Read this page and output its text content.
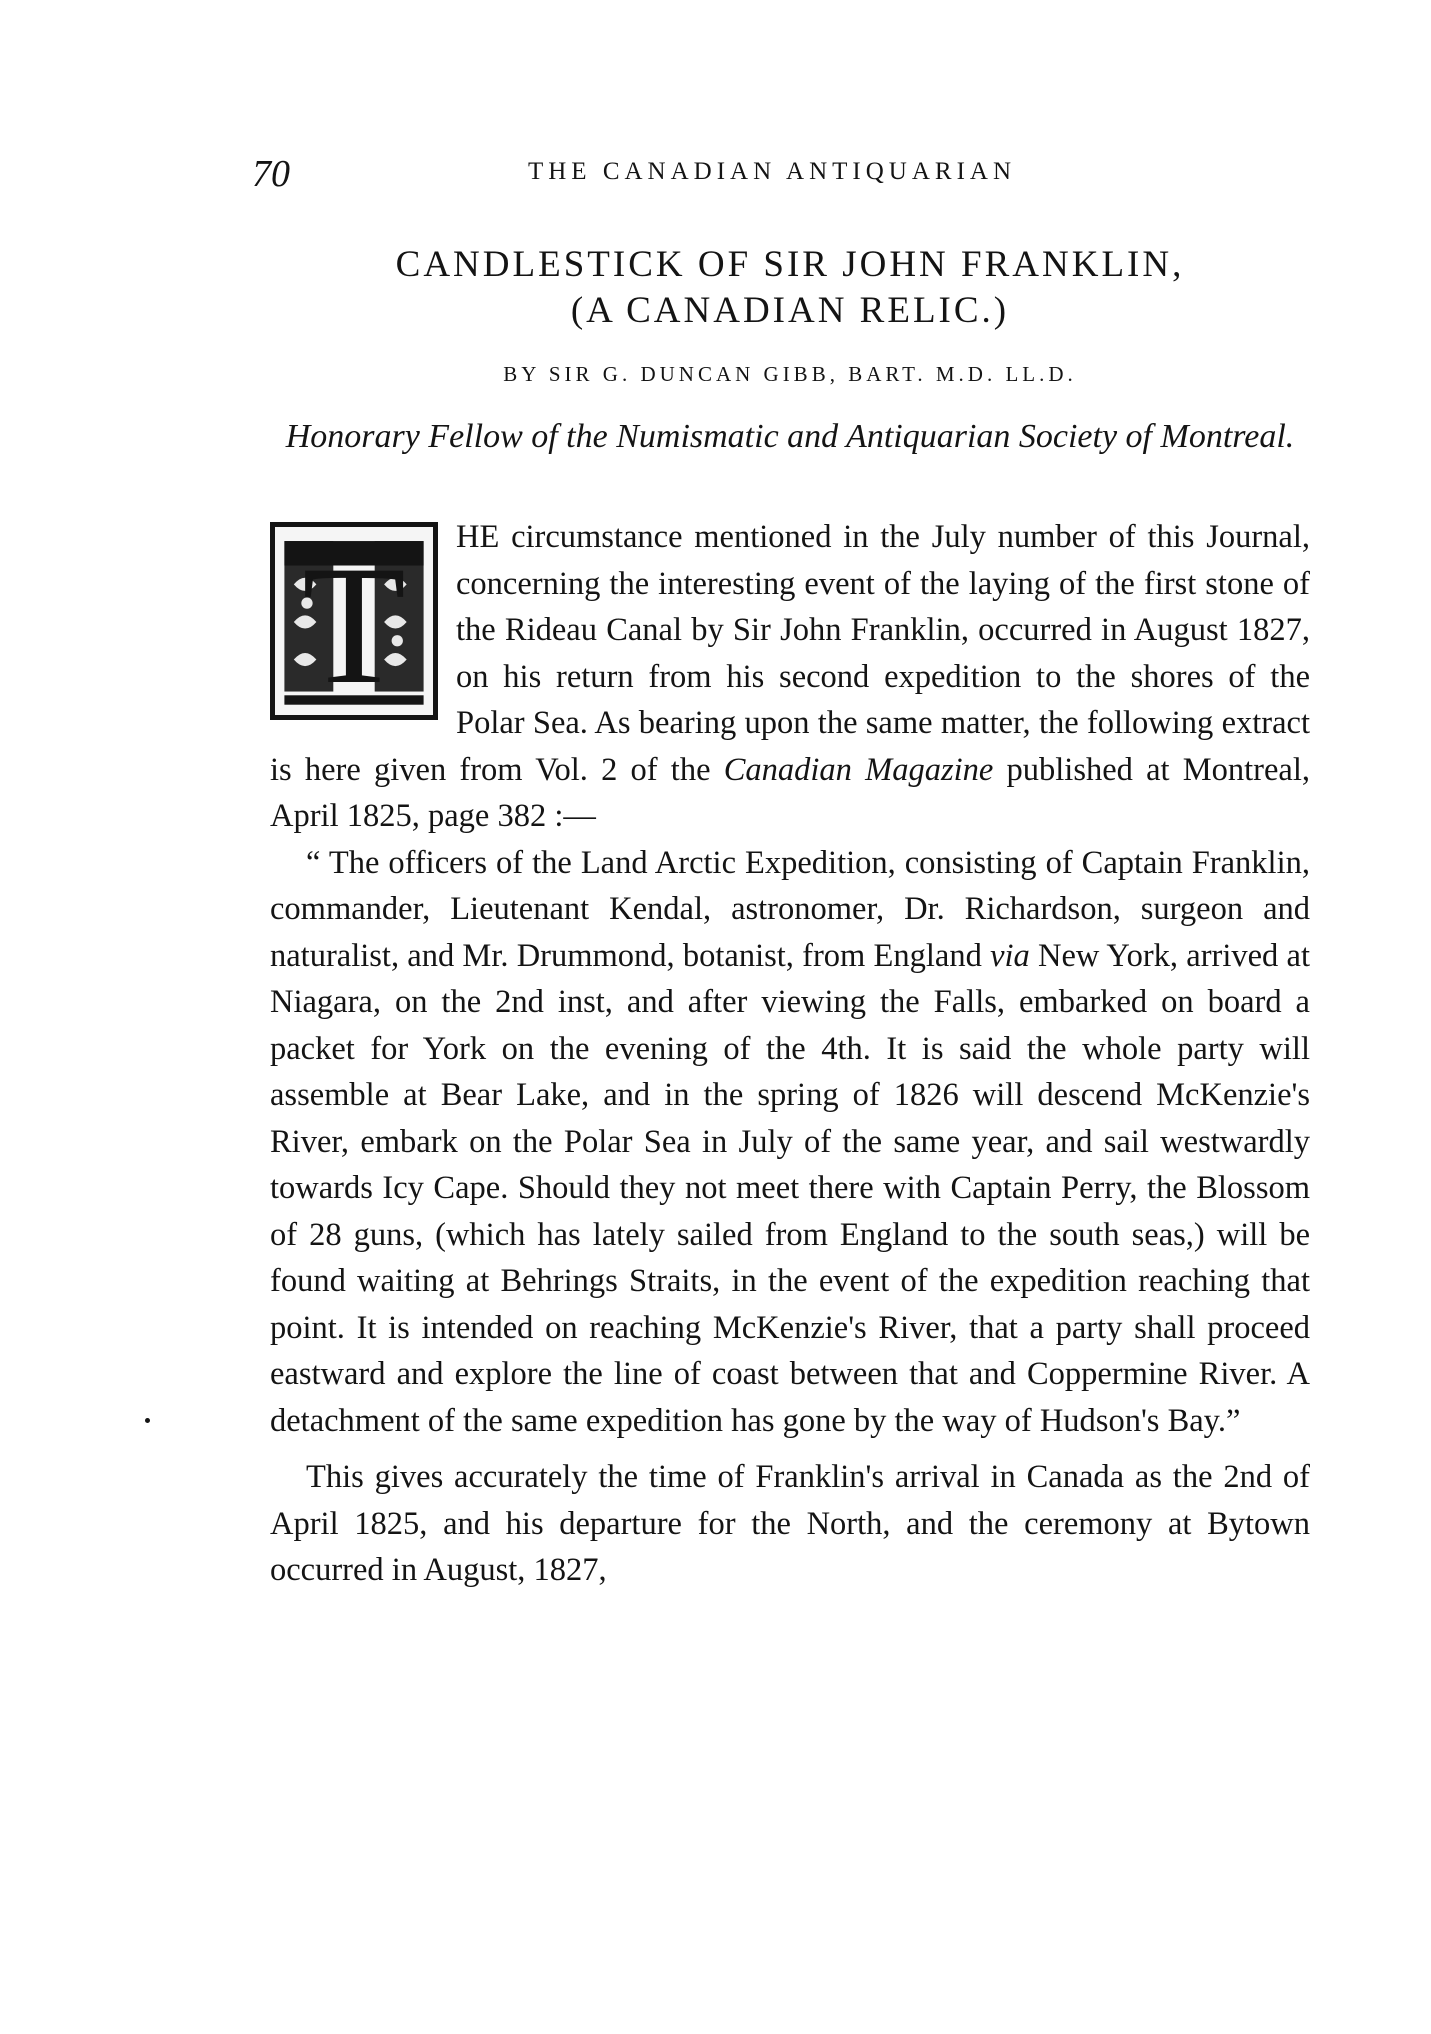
70	THE CANADIAN ANTIQUARIAN
CANDLESTICK OF SIR JOHN FRANKLIN,
(A CANADIAN RELIC.)
BY SIR G. DUNCAN GIBB, BART. M.D. LL.D.
Honorary Fellow of the Numismatic and Antiquarian Society of Montreal.
T	HE circumstance mentioned in the July number of this Journal, concerning the interesting event of the laying of the first stone of the Rideau Canal by Sir John Franklin, occurred in August 1827, on his return from his second expedition to the shores of the Polar Sea. As bearing upon the same matter, the following extract is here given from Vol. 2 of the Canadian Magazine published at Montreal, April 1825, page 382 :—

“ The officers of the Land Arctic Expedition, consisting of Captain Franklin, commander, Lieutenant Kendal, astronomer, Dr. Richardson, surgeon and naturalist, and Mr. Drummond, botanist, from England via New York, arrived at Niagara, on the 2nd inst, and after viewing the Falls, embarked on board a packet for York on the evening of the 4th. It is said the whole party will assemble at Bear Lake, and in the spring of 1826 will descend McKenzie's River, embark on the Polar Sea in July of the same year, and sail westwardly towards Icy Cape. Should they not meet there with Captain Perry, the Blossom of 28 guns, (which has lately sailed from England to the south seas,) will be found waiting at Behrings Straits, in the event of the expedition reaching that point. It is intended on reaching McKenzie's River, that a party shall proceed eastward and explore the line of coast between that and Coppermine River. A detachment of the same expedition has gone by the way of Hudson's Bay.”

This gives accurately the time of Franklin's arrival in Canada as the 2nd of April 1825, and his departure for the North, and the ceremony at Bytown occurred in August, 1827,
